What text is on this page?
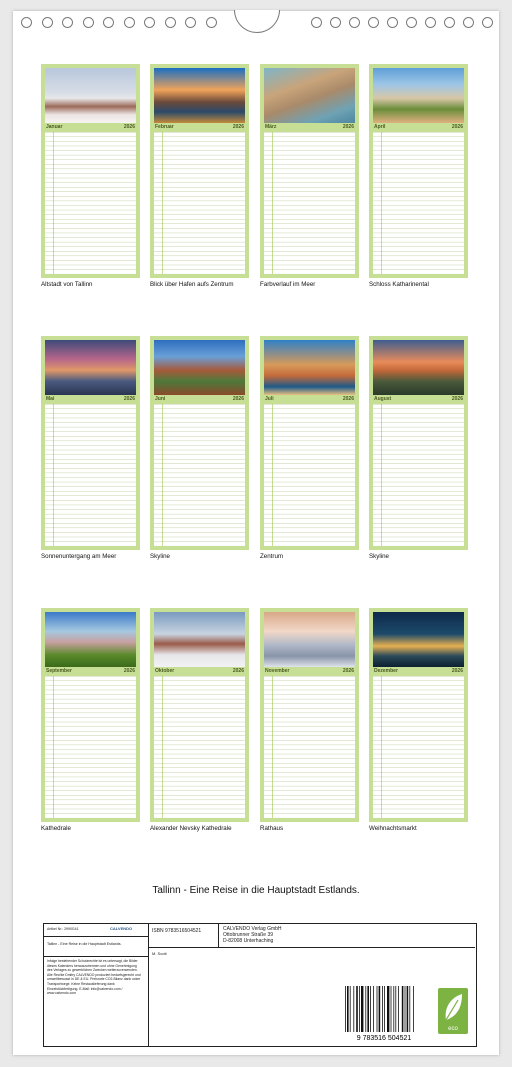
Januar	2026
Altstadt von Tallinn
Februar	2026
Blick über Hafen aufs Zentrum
März	2026
Farbverlauf im Meer
April	2026
Schloss Katharinental
Mai	2026
Sonnenuntergang am Meer
Juni	2026
Skyline
Juli	2026
Zentrum
August	2026
Skyline
September	2026
Kathedrale
Oktober	2026
Alexander Nevsky Kathedrale
November	2026
Rathaus
Dezember	2026
Weihnachtsmarkt
Tallinn - Eine Reise in die Hauptstadt Estlands.
Artikel Nr.: 2990G41	CALVENDO
Tallinn - Eine Reise in die Hauptstadt Estlands.
Infolge bestehender Schutzrechte ist es untersagt, die Bilder dieses Kalenders herauszutrennen und ohne Genehmigung des Verlages zu gewerblichen Zwecken weiterzuverwenden. Alle Rechte Dmitry CALVENDO produziert bedarfsgerecht und umweltbewusst in DE & EU. Preisnote CO2-Bilanz dank ocker Transportwege. Keine Restauslieferung dank Einzelstückfertigung. E-Mail: info@calvendo.com / www.calvendo.com
ISBN 9783516504521	CALVENDO Verlag GmbH
Ottobrunner Straße 39
D-82008 Unterhaching
M. Scott
9 783516 504521
eco
